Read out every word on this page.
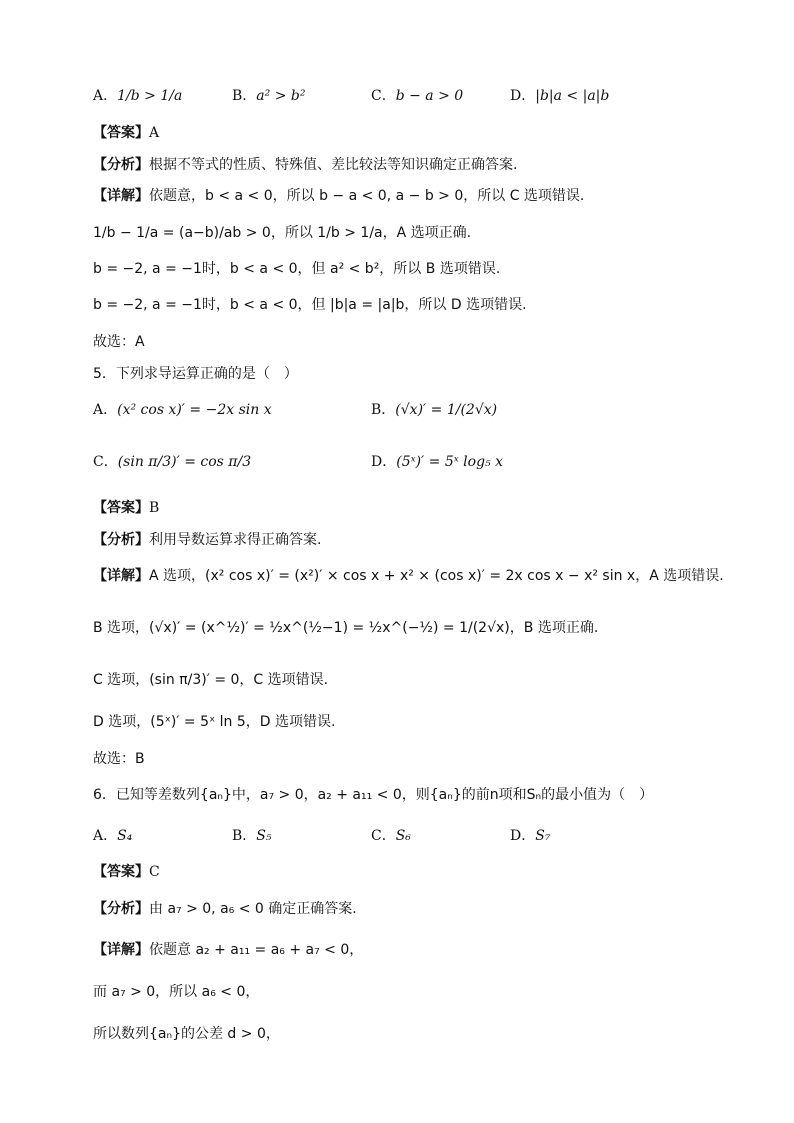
A．1/b > 1/a	B．a² > b²	C．b − a > 0	D．|b|a < |a|b
【答案】A
【分析】根据不等式的性质、特殊值、差比较法等知识确定正确答案.
【详解】依题意，b < a < 0，所以 b − a < 0, a − b > 0，所以 C 选项错误.
1/b − 1/a = (a−b)/ab > 0，所以 1/b > 1/a，A 选项正确.
b = −2, a = −1时，b < a < 0，但 a² < b²，所以 B 选项错误.
b = −2, a = −1时，b < a < 0，但 |b|a = |a|b，所以 D 选项错误.
故选：A
5．下列求导运算正确的是（　）
A．(x² cos x)′ = −2x sin x	B．(√x)′ = 1/(2√x)
C．(sin π/3)′ = cos π/3	D．(5ˣ)′ = 5ˣ log₅ x
【答案】B
【分析】利用导数运算求得正确答案.
【详解】A 选项，(x² cos x)′ = (x²)′ × cos x + x² × (cos x)′ = 2x cos x − x² sin x，A 选项错误.
B 选项，(√x)′ = (x^½)′ = ½x^(½−1) = ½x^(−½) = 1/(2√x)，B 选项正确.
C 选项，(sin π/3)′ = 0，C 选项错误.
D 选项，(5ˣ)′ = 5ˣ ln 5，D 选项错误.
故选：B
6．已知等差数列{aₙ}中，a₇ > 0，a₂ + a₁₁ < 0，则{aₙ}的前n项和Sₙ的最小值为（　）
A．S₄	B．S₅	C．S₆	D．S₇
【答案】C
【分析】由 a₇ > 0, a₆ < 0 确定正确答案.
【详解】依题意 a₂ + a₁₁ = a₆ + a₇ < 0，
而 a₇ > 0，所以 a₆ < 0，
所以数列{aₙ}的公差 d > 0，
